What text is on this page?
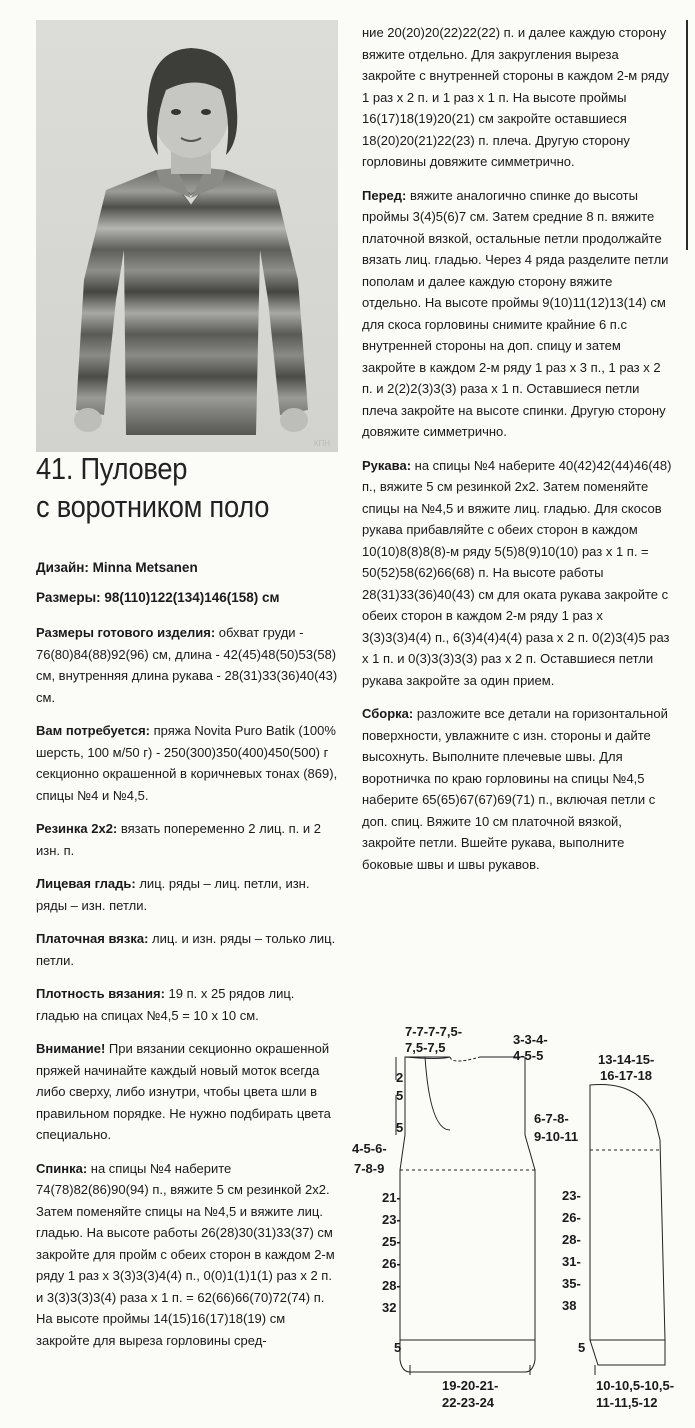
КПН
41. Пуловер
с воротником поло
Дизайн: Minna Metsanen
Размеры: 98(110)122(134)146(158) см

Размеры готового изделия: обхват груди - 76(80)84(88)92(96) см, длина - 42(45)48(50)53(58) см, внутренняя длина рукава - 28(31)33(36)40(43) см.

Вам потребуется: пряжа Novita Puro Batik (100% шерсть, 100 м/50 г) - 250(300)350(400)450(500) г секционно окрашенной в коричневых тонах (869), спицы №4 и №4,5.

Резинка 2х2: вязать попеременно 2 лиц. п. и 2 изн. п.

Лицевая гладь: лиц. ряды – лиц. петли, изн. ряды – изн. петли.

Платочная вязка: лиц. и изн. ряды – только лиц. петли.

Плотность вязания: 19 п. х 25 рядов лиц. гладью на спицах №4,5 = 10 х 10 см.

Внимание! При вязании секционно окрашенной пряжей начинайте каждый новый моток всегда либо сверху, либо изнутри, чтобы цвета шли в правильном порядке. Не нужно подбирать цвета специально.

Спинка: на спицы №4 наберите 74(78)82(86)90(94) п., вяжите 5 см резинкой 2х2. Затем поменяйте спицы на №4,5 и вяжите лиц. гладью. На высоте работы 26(28)30(31)33(37) см закройте для пройм с обеих сторон в каждом 2-м ряду 1 раз х 3(3)3(3)4(4) п., 0(0)1(1)1(1) раз х 2 п. и 3(3)3(3)3(4) раза х 1 п. = 62(66)66(70)72(74) п. На высоте проймы 14(15)16(17)18(19) см закройте для выреза горловины сред-

ние 20(20)20(22)22(22) п. и далее каждую сторону вяжите отдельно. Для закругления выреза закройте с внутренней стороны в каждом 2-м ряду 1 раз х 2 п. и 1 раз х 1 п. На высоте проймы 16(17)18(19)20(21) см закройте оставшиеся 18(20)20(21)22(23) п. плеча. Другую сторону горловины довяжите симметрично.

Перед: вяжите аналогично спинке до высоты проймы 3(4)5(6)7 см. Затем средние 8 п. вяжите платочной вязкой, остальные петли продолжайте вязать лиц. гладью. Через 4 ряда разделите петли пополам и далее каждую сторону вяжите отдельно. На высоте проймы 9(10)11(12)13(14) см для скоса горловины снимите крайние 6 п.с внутренней стороны на доп. спицу и затем закройте в каждом 2-м ряду 1 раз х 3 п., 1 раз х 2 п. и 2(2)2(3)3(3) раза х 1 п. Оставшиеся петли плеча закройте на высоте спинки. Другую сторону довяжите симметрично.

Рукава: на спицы №4 наберите 40(42)42(44)46(48) п., вяжите 5 см резинкой 2х2. Затем поменяйте спицы на №4,5 и вяжите лиц. гладью. Для скосов рукава прибавляйте с обеих сторон в каждом 10(10)8(8)8(8)-м ряду 5(5)8(9)10(10) раз х 1 п. = 50(52)58(62)66(68) п. На высоте работы 28(31)33(36)40(43) см для оката рукава закройте с обеих сторон в каждом 2-м ряду 1 раз х 3(3)3(3)4(4) п., 6(3)4(4)4(4) раза х 2 п. 0(2)3(4)5 раз х 1 п. и 0(3)3(3)3(3) раз х 2 п. Оставшиеся петли рукава закройте за один прием.

Сборка: разложите все детали на горизонтальной поверхности, увлажните с изн. стороны и дайте высохнуть. Выполните плечевые швы. Для воротничка по краю горловины на спицы №4,5 наберите 65(65)67(67)69(71) п., включая петли с доп. спиц. Вяжите 10 см платочной вязкой, закройте петли. Вшейте рукава, выполните боковые швы и швы рукавов.

7-7-7-7,5-
7,5-7,5
3-3-4-
4-5-5
2
5
5
4-5-6-
7-8-9
21-
23-
25-
26-
28-
32
5
19-20-21-
22-23-24
13-14-15-
16-17-18
6-7-8-
9-10-11
23-
26-
28-
31-
35-
38
5
10-10,5-10,5-
11-11,5-12
